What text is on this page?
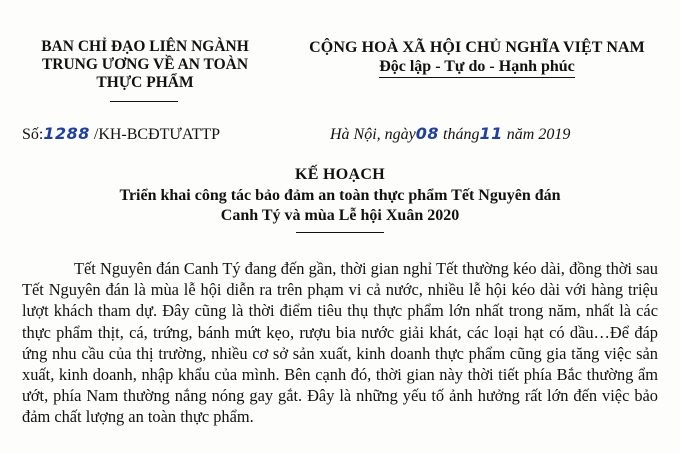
BAN CHỈ ĐẠO LIÊN NGÀNH
TRUNG ƯƠNG VỀ AN TOÀN
THỰC PHẨM
CỘNG HOÀ XÃ HỘI CHỦ NGHĨA VIỆT NAM
Độc lập - Tự do - Hạnh phúc
Số:1288 /KH-BCĐTƯATTP	Hà Nội, ngày08 tháng11 năm 2019
KẾ HOẠCH
Triển khai công tác bảo đảm an toàn thực phẩm Tết Nguyên đán
Canh Tý và mùa Lễ hội Xuân 2020

Tết Nguyên đán Canh Tý đang đến gần, thời gian nghỉ Tết thường kéo dài, đồng thời sau Tết Nguyên đán là mùa lễ hội diễn ra trên phạm vi cả nước, nhiều lễ hội kéo dài với hàng triệu lượt khách tham dự. Đây cũng là thời điểm tiêu thụ thực phẩm lớn nhất trong năm, nhất là các thực phẩm thịt, cá, trứng, bánh mứt kẹo, rượu bia nước giải khát, các loại hạt có dầu…Để đáp ứng nhu cầu của thị trường, nhiều cơ sở sản xuất, kinh doanh thực phẩm cũng gia tăng việc sản xuất, kinh doanh, nhập khẩu của mình. Bên cạnh đó, thời gian này thời tiết phía Bắc thường ẩm ướt, phía Nam thường nắng nóng gay gắt. Đây là những yếu tố ảnh hưởng rất lớn đến việc bảo đảm chất lượng an toàn thực phẩm.
